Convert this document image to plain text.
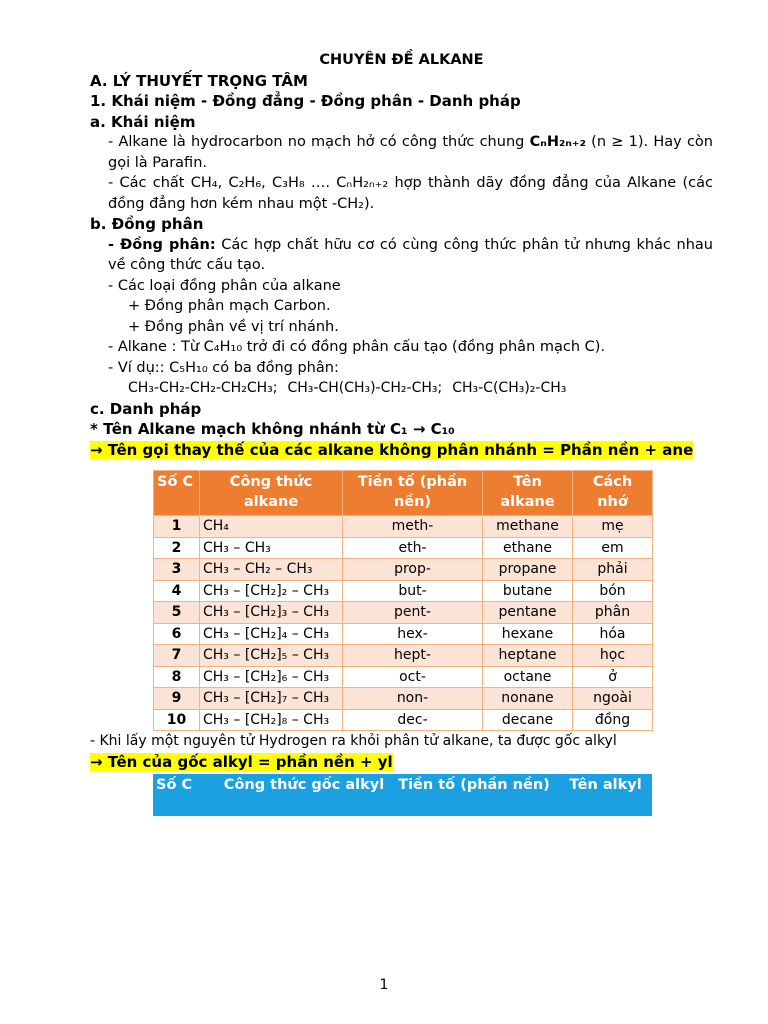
CHUYÊN ĐỀ ALKANE
A. LÝ THUYẾT TRỌNG TÂM
1. Khái niệm - Đồng đẳng - Đồng phân - Danh pháp
a. Khái niệm
- Alkane là hydrocarbon no mạch hở có công thức chung CₙH₂ₙ₊₂ (n ≥ 1). Hay còn gọi là Parafin.
- Các chất CH₄, C₂H₆, C₃H₈ …. CₙH₂ₙ₊₂ hợp thành dãy đồng đẳng của Alkane (các đồng đẳng hơn kém nhau một -CH₂).
b. Đồng phân
- Đồng phân: Các hợp chất hữu cơ có cùng công thức phân tử nhưng khác nhau về công thức cấu tạo.
- Các loại đồng phân của alkane
+ Đồng phân mạch Carbon.
+ Đồng phân về vị trí nhánh.
- Alkane : Từ C₄H₁₀ trở đi có đồng phân cấu tạo (đồng phân mạch C).
- Ví dụ:: C₅H₁₀ có ba đồng phân:
CH₃-CH₂-CH₂-CH₂CH₃; CH₃-CH(CH₃)-CH₂-CH₃; CH₃-C(CH₃)₂-CH₃
c. Danh pháp
* Tên Alkane mạch không nhánh từ C₁ → C₁₀
→ Tên gọi thay thế của các alkane không phân nhánh = Phần nền + ane
Số C	Công thức alkane	Tiền tố (phần nền)	Tên alkane	Cách nhớ
1	CH₄	meth-	methane	mẹ
2	CH₃ – CH₃	eth-	ethane	em
3	CH₃ – CH₂ – CH₃	prop-	propane	phải
4	CH₃ – [CH₂]₂ – CH₃	but-	butane	bón
5	CH₃ – [CH₂]₃ – CH₃	pent-	pentane	phân
6	CH₃ – [CH₂]₄ – CH₃	hex-	hexane	hóa
7	CH₃ – [CH₂]₅ – CH₃	hept-	heptane	học
8	CH₃ – [CH₂]₆ – CH₃	oct-	octane	ở
9	CH₃ – [CH₂]₇ – CH₃	non-	nonane	ngoài
10	CH₃ – [CH₂]₈ – CH₃	dec-	decane	đồng
- Khi lấy một nguyên tử Hydrogen ra khỏi phân tử alkane, ta được gốc alkyl
→ Tên của gốc alkyl = phần nền + yl
Số C	Công thức gốc alkyl	Tiền tố (phần nền)	Tên alkyl
1
